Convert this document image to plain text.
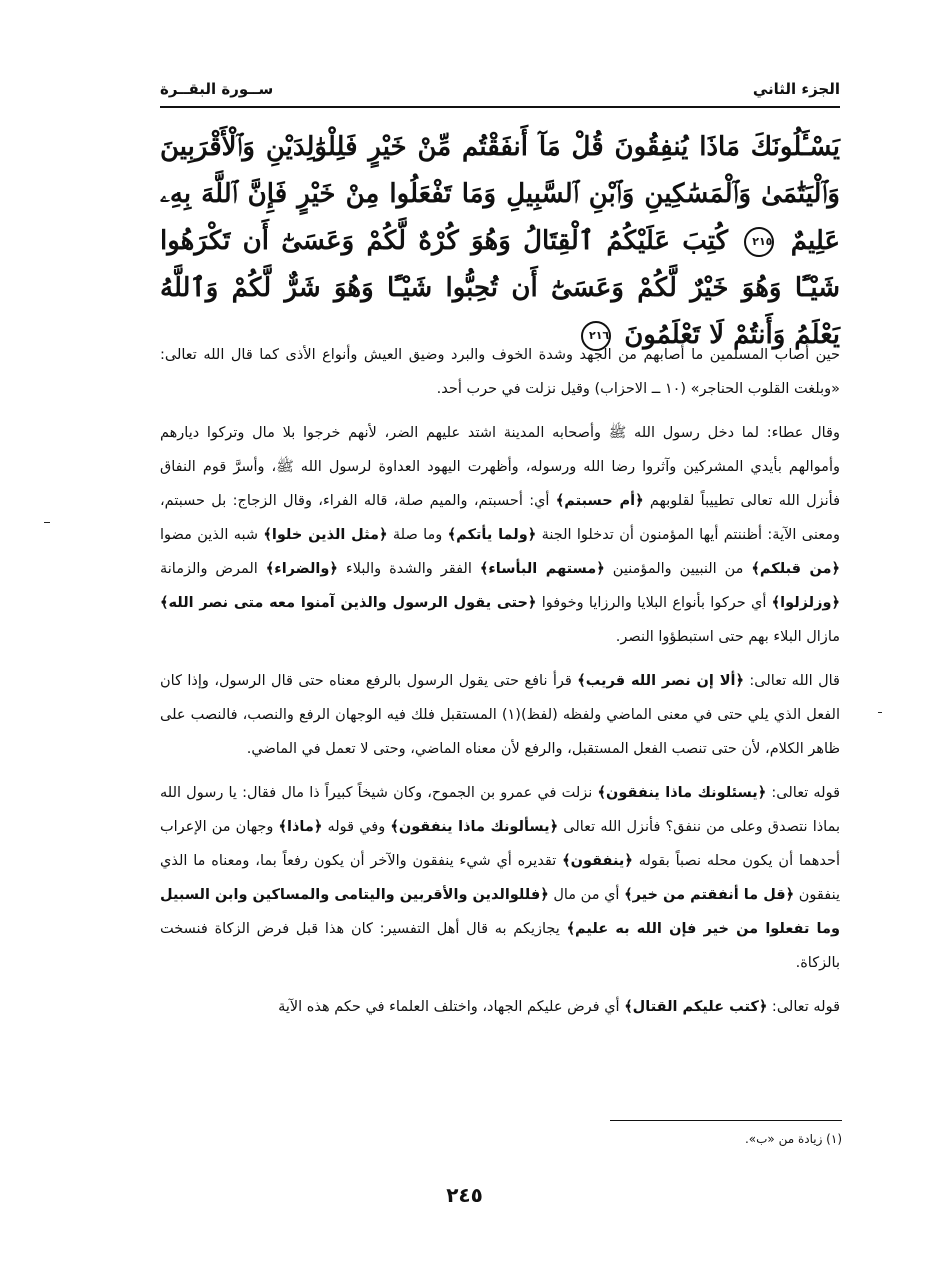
الجزء الثاني
ســورة البقــرة
يَسْـَٔلُونَكَ مَاذَا يُنفِقُونَ قُلْ مَآ أَنفَقْتُم مِّنْ خَيْرٍ فَلِلْوَٰلِدَيْنِ وَٱلْأَقْرَبِينَ وَٱلْيَتَٰمَىٰ وَٱلْمَسَٰكِينِ وَٱبْنِ ٱلسَّبِيلِ وَمَا تَفْعَلُوا مِنْ خَيْرٍ فَإِنَّ ٱللَّهَ بِهِۦ عَلِيمٌ ٢١٥ كُتِبَ عَلَيْكُمُ ٱلْقِتَالُ وَهُوَ كُرْهٌ لَّكُمْ وَعَسَىٰٓ أَن تَكْرَهُوا شَيْـًٔا وَهُوَ خَيْرٌ لَّكُمْ وَعَسَىٰٓ أَن تُحِبُّوا شَيْـًٔا وَهُوَ شَرٌّ لَّكُمْ وَٱللَّهُ يَعْلَمُ وَأَنتُمْ لَا تَعْلَمُونَ ٢١٦

حين أصاب المسلمين ما أصابهم من الجهد وشدة الخوف والبرد وضيق العيش وأنواع الأذى كما قال الله تعالى: «وبلغت القلوب الحناجر» (١٠ ــ الاحزاب) وقيل نزلت في حرب أحد.

وقال عطاء: لما دخل رسول الله ﷺ وأصحابه المدينة اشتد عليهم الضر، لأنهم خرجوا بلا مال وتركوا ديارهم وأموالهم بأيدي المشركين وآثروا رضا الله ورسوله، وأظهرت اليهود العداوة لرسول الله ﷺ، وأسرَّ قوم النفاق فأنزل الله تعالى تطييباً لقلوبهم ﴿أم حسبتم﴾ أي: أحسبتم، والميم صلة، قاله الفراء، وقال الزجاج: بل حسبتم، ومعنى الآية: أظننتم أيها المؤمنون أن تدخلوا الجنة ﴿ولما يأتكم﴾ وما صلة ﴿مثل الذين خلوا﴾ شبه الذين مضوا ﴿من قبلكم﴾ من النبيين والمؤمنين ﴿مستهم البأساء﴾ الفقر والشدة والبلاء ﴿والضراء﴾ المرض والزمانة ﴿وزلزلوا﴾ أي حركوا بأنواع البلايا والرزايا وخوفوا ﴿حتى يقول الرسول والذين آمنوا معه متى نصر الله﴾ مازال البلاء بهم حتى استبطؤوا النصر.

قال الله تعالى: ﴿ألا إن نصر الله قريب﴾ قرأ نافع حتى يقول الرسول بالرفع معناه حتى قال الرسول، وإذا كان الفعل الذي يلي حتى في معنى الماضي ولفظه (لفظ)(١) المستقبل فلك فيه الوجهان الرفع والنصب، فالنصب على ظاهر الكلام، لأن حتى تنصب الفعل المستقبل، والرفع لأن معناه الماضي، وحتى لا تعمل في الماضي.

قوله تعالى: ﴿يسئلونك ماذا ينفقون﴾ نزلت في عمرو بن الجموح، وكان شيخاً كبيراً ذا مال فقال: يا رسول الله بماذا نتصدق وعلى من ننفق؟ فأنزل الله تعالى ﴿يسألونك ماذا ينفقون﴾ وفي قوله ﴿ماذا﴾ وجهان من الإعراب أحدهما أن يكون محله نصباً بقوله ﴿ينفقون﴾ تقديره أي شيء ينفقون والآخر أن يكون رفعاً بما، ومعناه ما الذي ينفقون ﴿قل ما أنفقتم من خير﴾ أي من مال ﴿فللوالدين والأقربين واليتامى والمساكين وابن السبيل وما تفعلوا من خير فإن الله به عليم﴾ يجازيكم به قال أهل التفسير: كان هذا قبل فرض الزكاة فنسخت بالزكاة.

قوله تعالى: ﴿كتب عليكم القتال﴾ أي فرض عليكم الجهاد، واختلف العلماء في حكم هذه الآية

(١) زيادة من «ب».
٢٤٥
